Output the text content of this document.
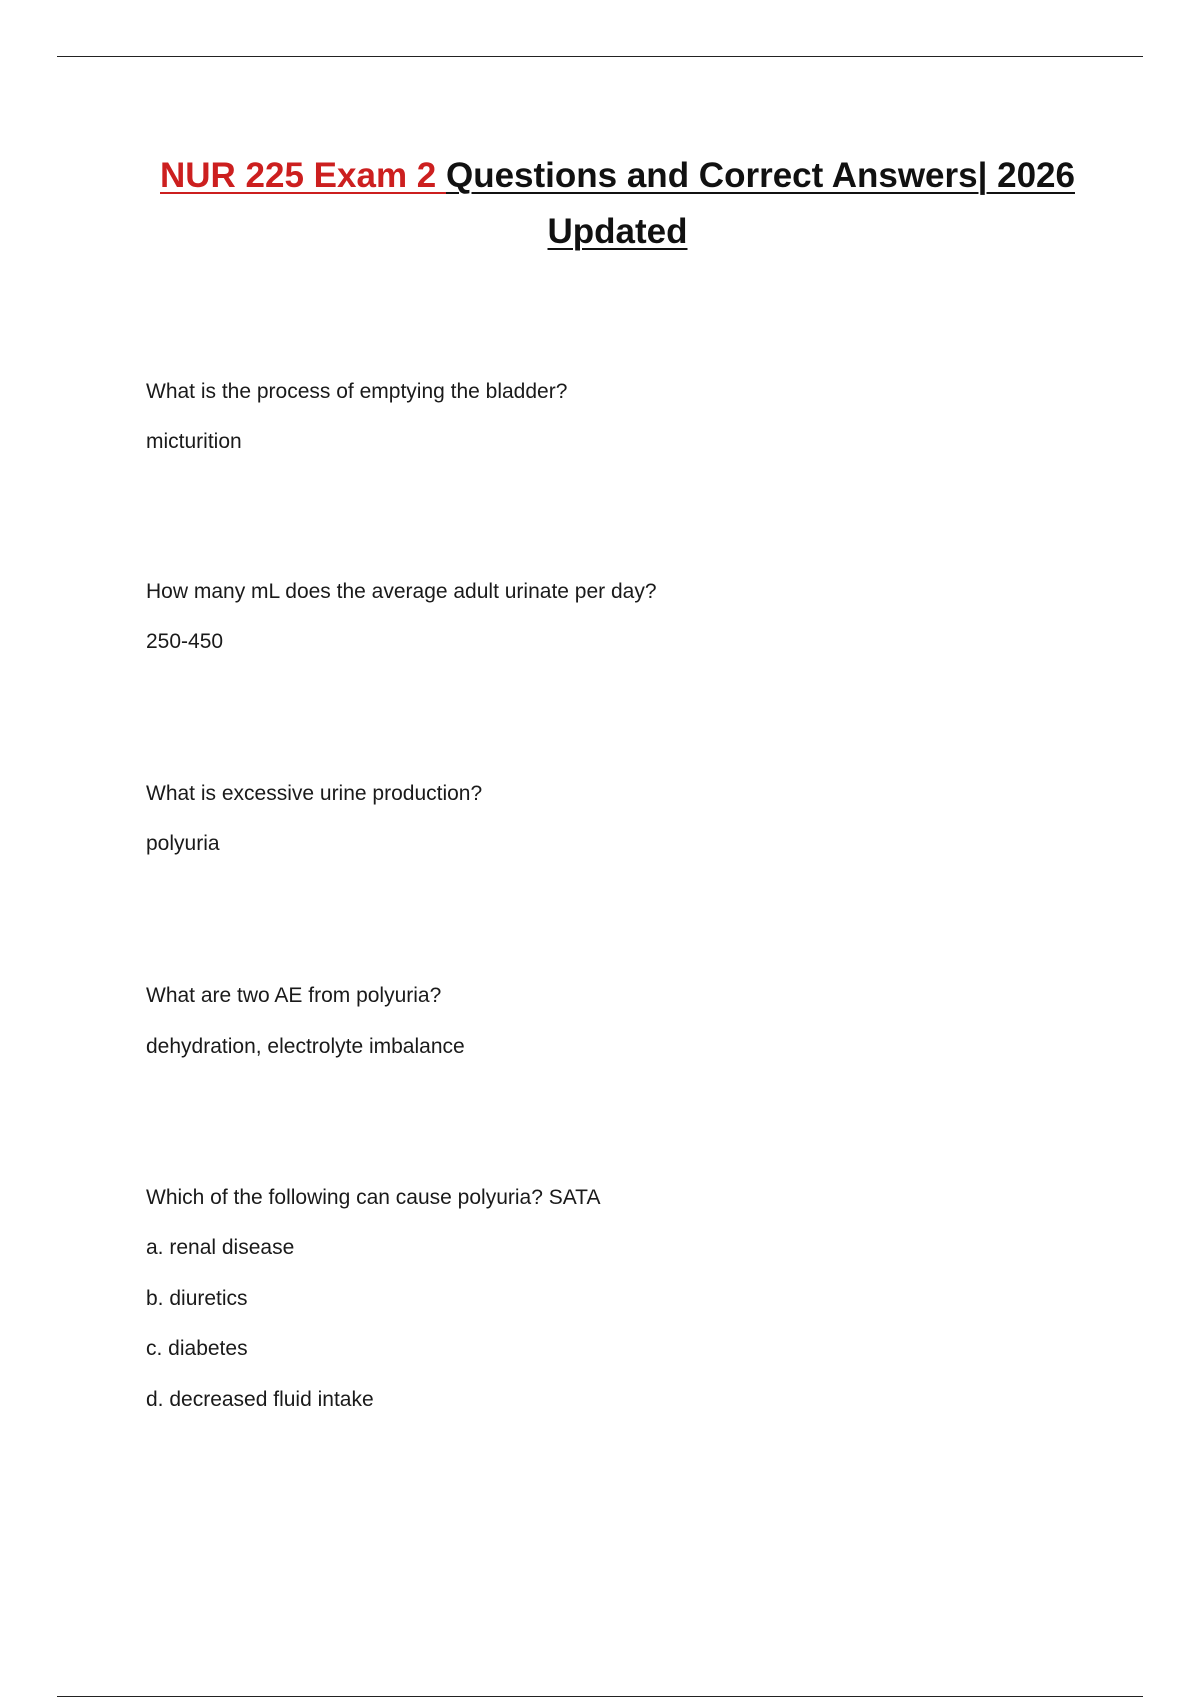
NUR 225 Exam 2 Questions and Correct Answers| 2026 Updated

What is the process of emptying the bladder?

micturition

How many mL does the average adult urinate per day?

250-450

What is excessive urine production?

polyuria

What are two AE from polyuria?

dehydration, electrolyte imbalance

Which of the following can cause polyuria? SATA

a. renal disease

b. diuretics

c. diabetes

d. decreased fluid intake
